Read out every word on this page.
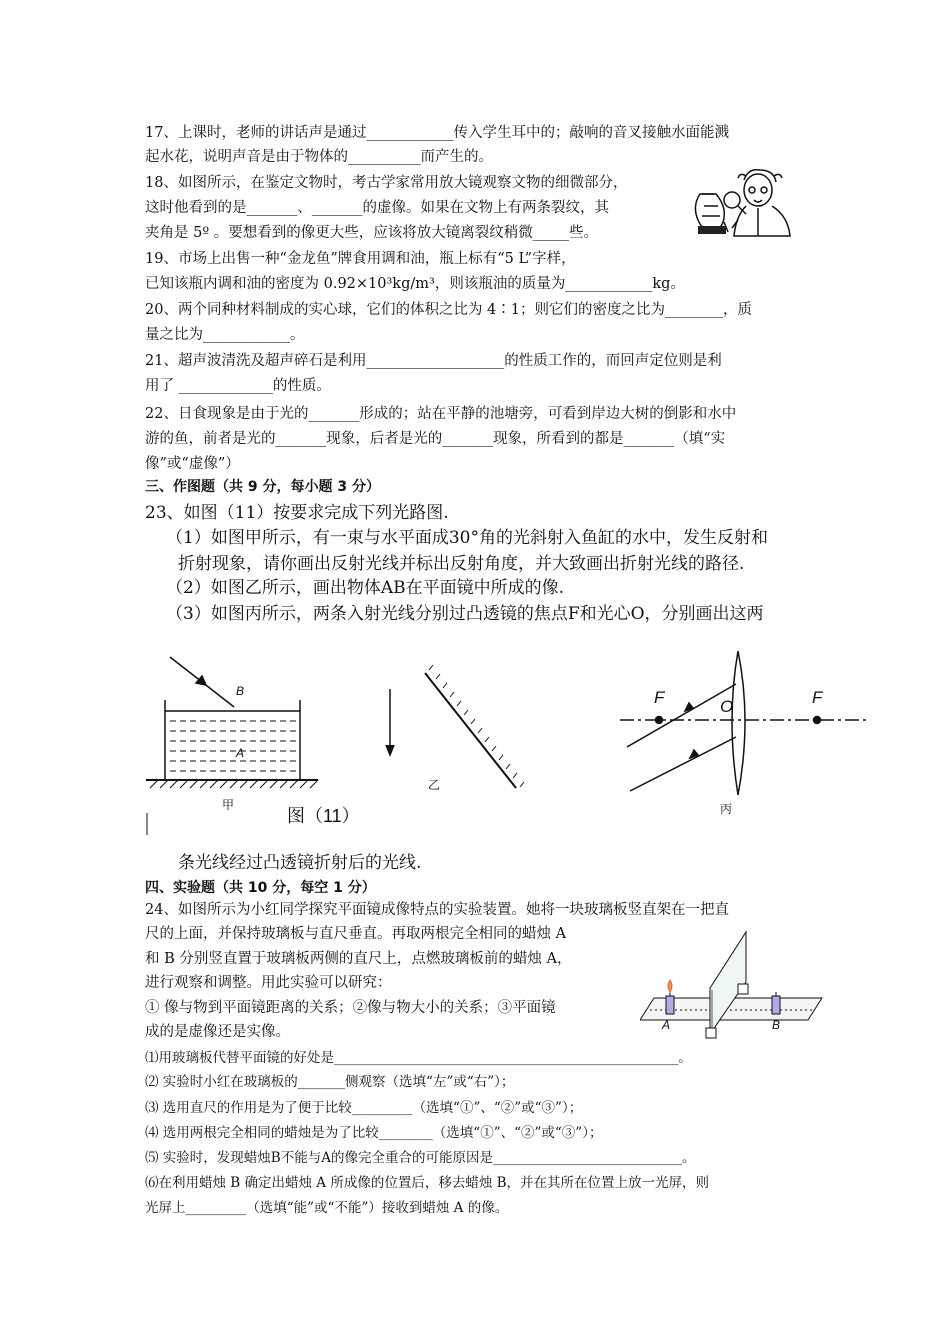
17、上课时，老师的讲话声是通过____________传入学生耳中的；敲响的音叉接触水面能溅
起水花，说明声音是由于物体的__________而产生的。
18、如图所示，在鉴定文物时，考古学家常用放大镜观察文物的细微部分，
这时他看到的是_______、_______的虚像。如果在文物上有两条裂纹，其
夹角是 5º 。要想看到的像更大些，应该将放大镜离裂纹稍微_____些。
19、市场上出售一种“金龙鱼”牌食用调和油，瓶上标有“5 L”字样，
已知该瓶内调和油的密度为 0.92×10³kg/m³，则该瓶油的质量为____________kg。
20、两个同种材料制成的实心球，它们的体积之比为 4∶1；则它们的密度之比为________，质
量之比为____________。
21、超声波清洗及超声碎石是利用___________________的性质工作的，而回声定位则是利
用了 _____________的性质。
22、日食现象是由于光的_______形成的；站在平静的池塘旁，可看到岸边大树的倒影和水中
游的鱼，前者是光的_______现象，后者是光的_______现象，所看到的都是_______（填“实
像”或“虚像”）
三、作图题（共 9 分，每小题 3 分）
23、如图（11）按要求完成下列光路图.
（1）如图甲所示，有一束与水平面成30°角的光斜射入鱼缸的水中，发生反射和
折射现象，请你画出反射光线并标出反射角度，并大致画出折射光线的路径.
（2）如图乙所示，画出物体AB在平面镜中所成的像.
（3）如图丙所示，两条入射光线分别过凸透镜的焦点F和光心O，分别画出这两
B
A
甲
乙
丙
F	O	F
图（11）
条光线经过凸透镜折射后的光线.
四、实验题（共 10 分，每空 1 分）
24、如图所示为小红同学探究平面镜成像特点的实验装置。她将一块玻璃板竖直架在一把直
尺的上面，并保持玻璃板与直尺垂直。再取两根完全相同的蜡烛 A
和 B 分别竖直置于玻璃板两侧的直尺上，点燃玻璃板前的蜡烛 A，
进行观察和调整。用此实验可以研究：
① 像与物到平面镜距离的关系；②像与物大小的关系；③平面镜
成的是虚像还是实像。	A	B
⑴用玻璃板代替平面镜的好处是___________________________________________________。
⑵ 实验时小红在玻璃板的_______侧观察（选填“左”或“右”）；
⑶ 选用直尺的作用是为了便于比较_________（选填“①”、“②”或“③”）；
⑷ 选用两根完全相同的蜡烛是为了比较________（选填“①”、“②”或“③”）；
⑸ 实验时，发现蜡烛B不能与A的像完全重合的可能原因是____________________________。
⑹在利用蜡烛 B 确定出蜡烛 A 所成像的位置后，移去蜡烛 B，并在其所在位置上放一光屏，则
光屏上_________（选填“能”或“不能”）接收到蜡烛 A 的像。
